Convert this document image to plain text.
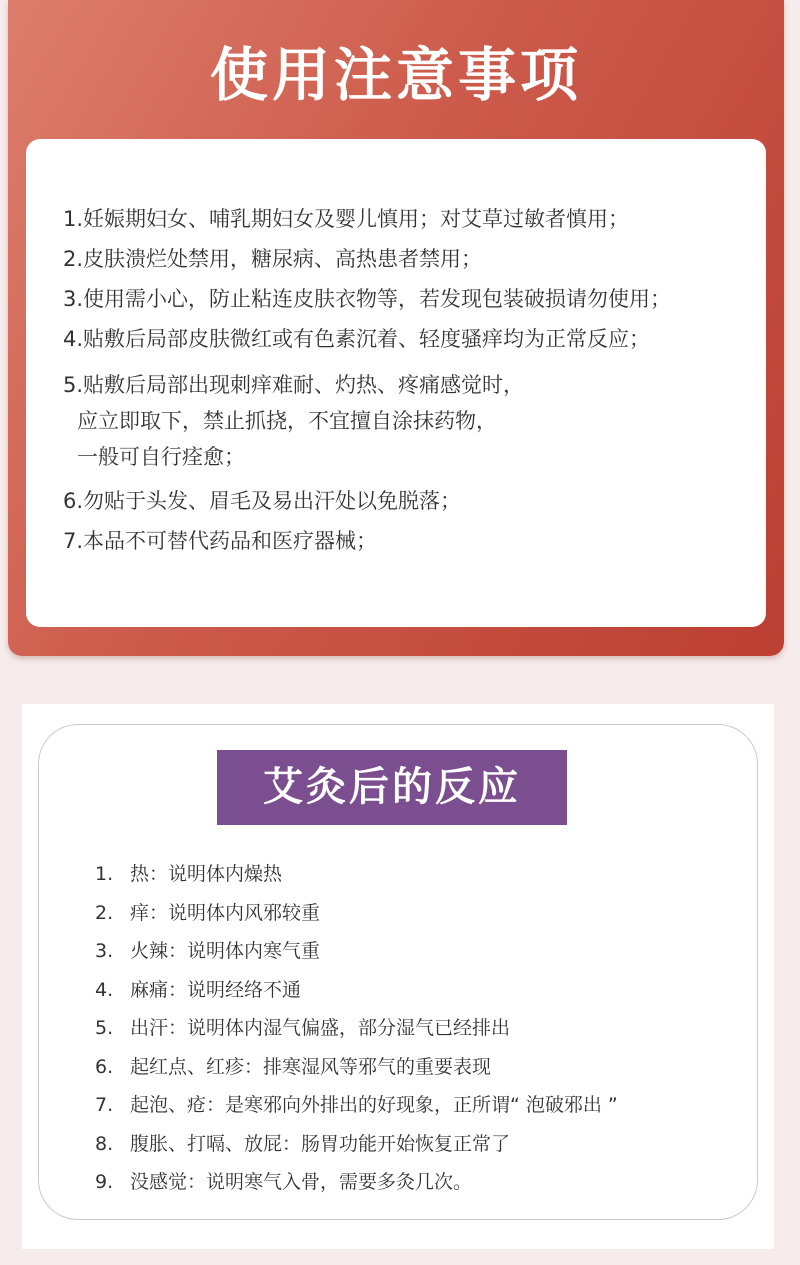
使用注意事项
1.妊娠期妇女、哺乳期妇女及婴儿慎用；对艾草过敏者慎用；
2.皮肤溃烂处禁用，糖尿病、高热患者禁用；
3.使用需小心，防止粘连皮肤衣物等，若发现包装破损请勿使用；
4.贴敷后局部皮肤微红或有色素沉着、轻度骚痒均为正常反应；
5.贴敷后局部出现刺痒难耐、灼热、疼痛感觉时，
应立即取下，禁止抓挠，不宜擅自涂抹药物，
一般可自行痊愈；
6.勿贴于头发、眉毛及易出汗处以免脱落；
7.本品不可替代药品和医疗器械；
艾灸后的反应
1. 热：说明体内燥热
2. 痒：说明体内风邪较重
3. 火辣：说明体内寒气重
4. 麻痛：说明经络不通
5. 出汗：说明体内湿气偏盛，部分湿气已经排出
6. 起红点、红疹：排寒湿风等邪气的重要表现
7. 起泡、疮：是寒邪向外排出的好现象，正所谓“ 泡破邪出 ”
8. 腹胀、打嗝、放屁：肠胃功能开始恢复正常了
9. 没感觉：说明寒气入骨，需要多灸几次。
